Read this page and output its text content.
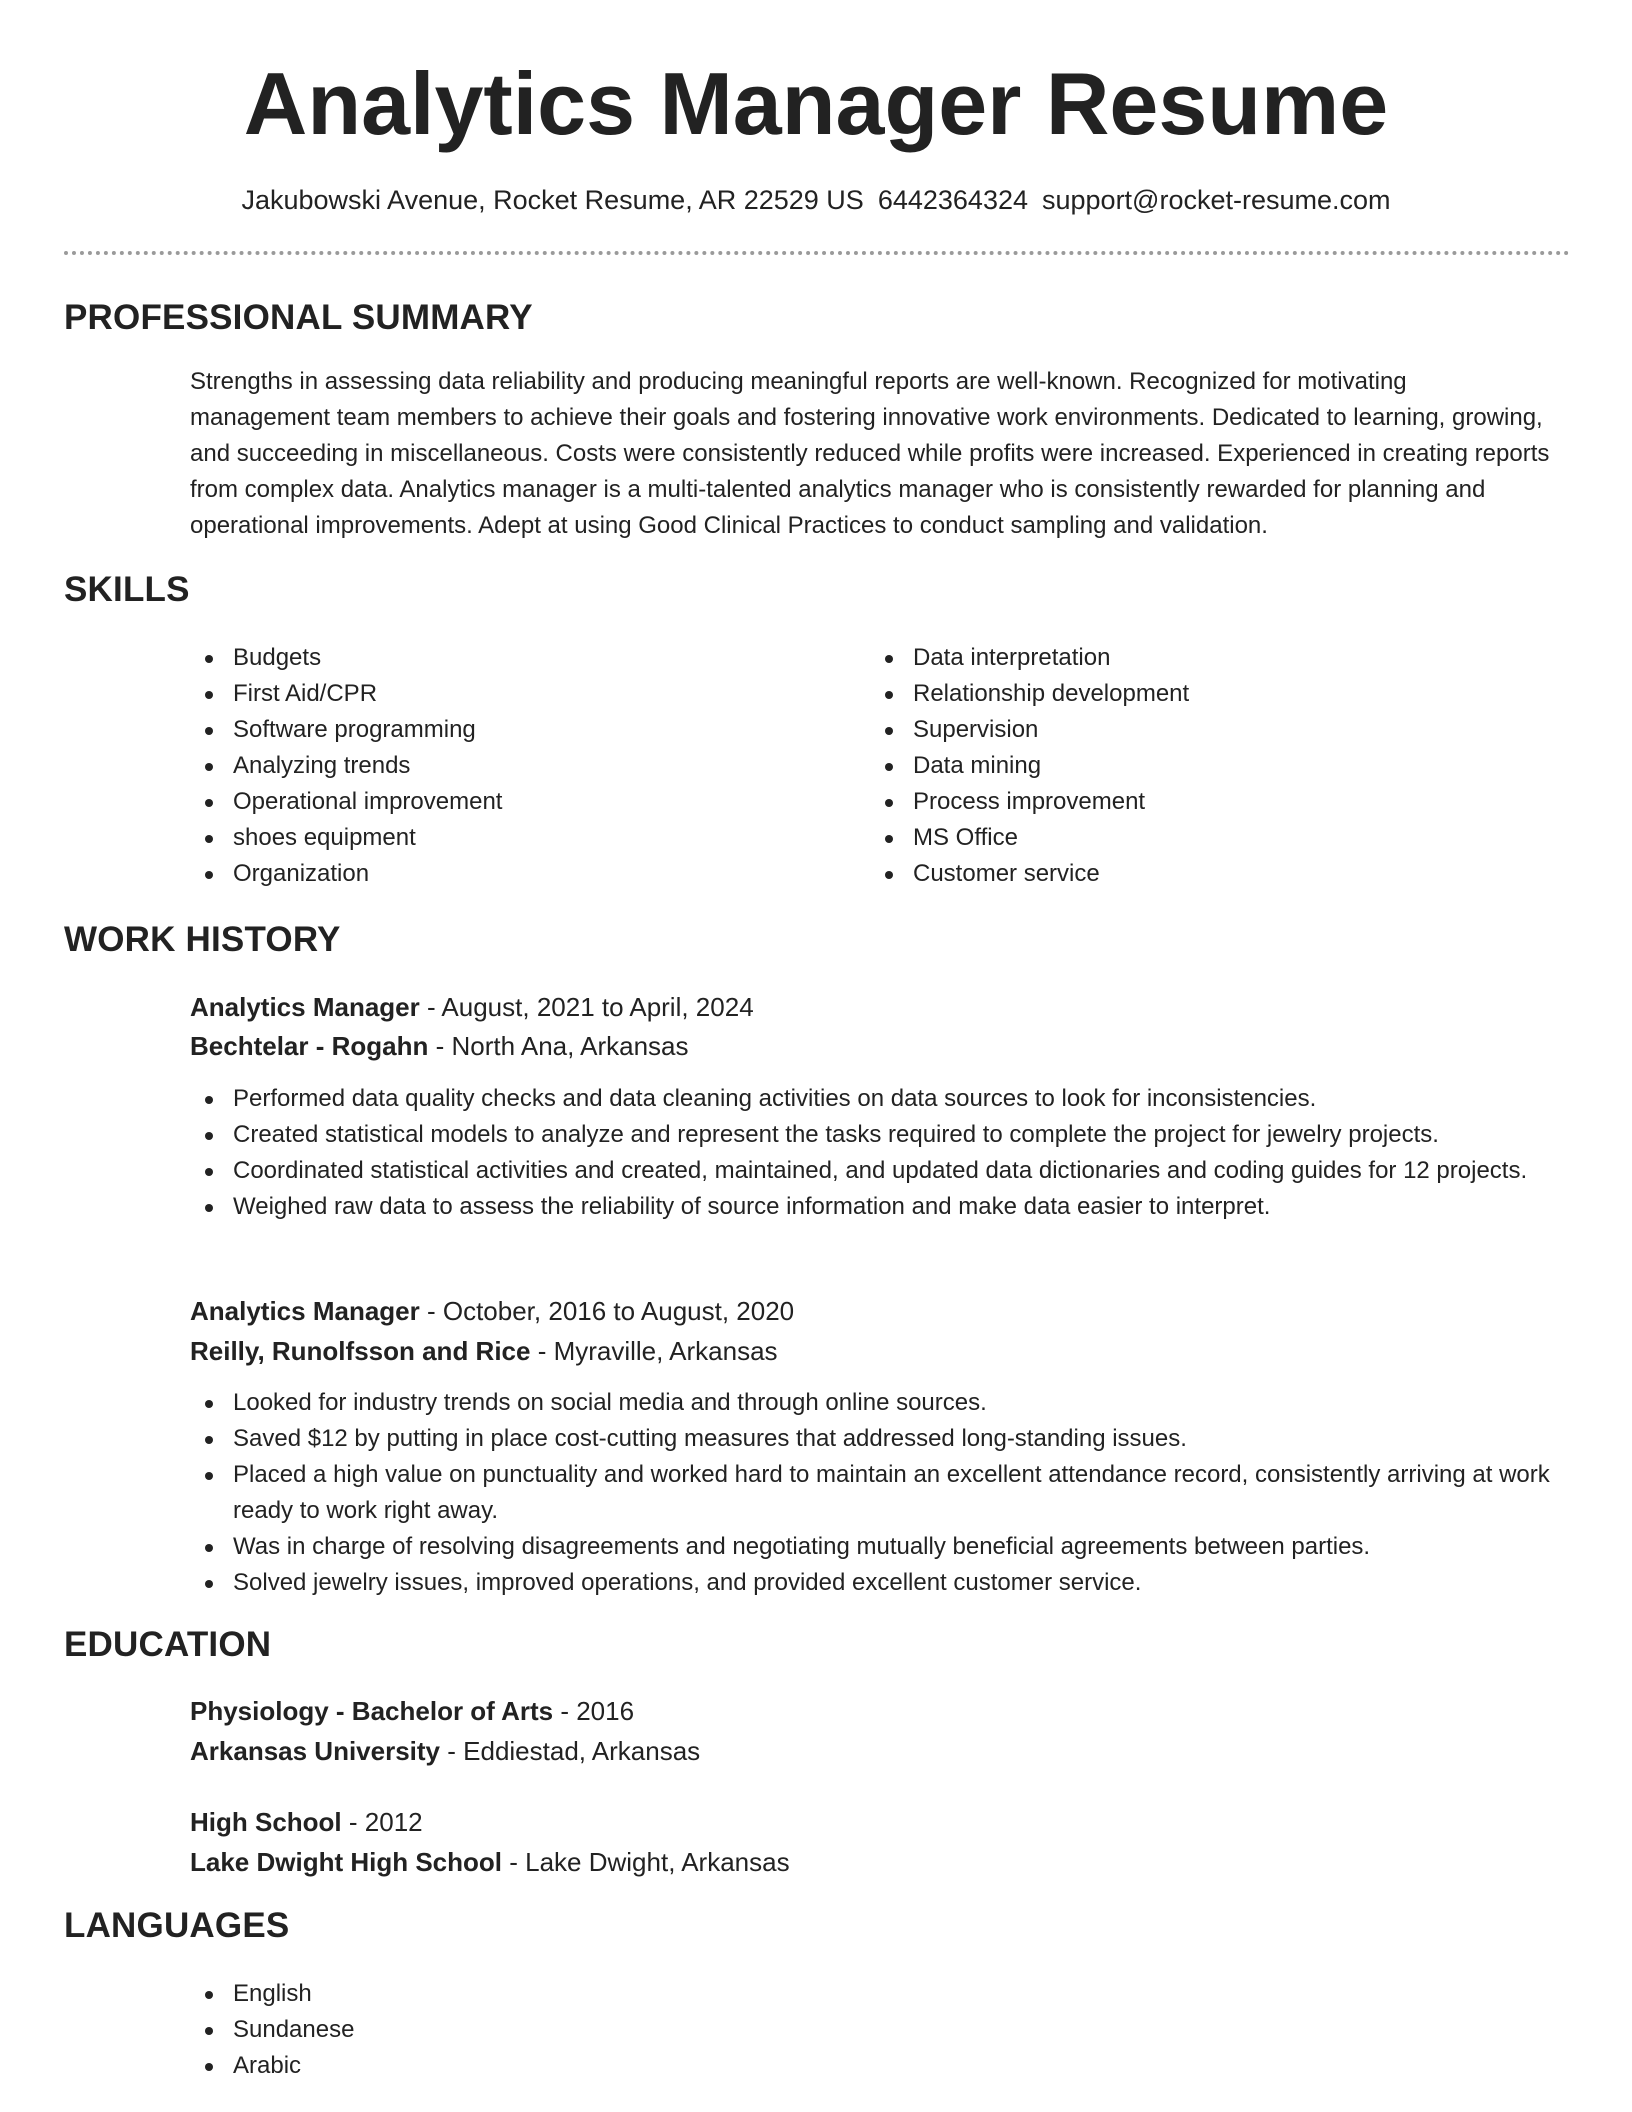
Analytics Manager Resume
Jakubowski Avenue, Rocket Resume, AR 22529 US 6442364324 support@rocket-resume.com
PROFESSIONAL SUMMARY

Strengths in assessing data reliability and producing meaningful reports are well-known. Recognized for motivating management team members to achieve their goals and fostering innovative work environments. Dedicated to learning, growing, and succeeding in miscellaneous. Costs were consistently reduced while profits were increased. Experienced in creating reports from complex data. Analytics manager is a multi-talented analytics manager who is consistently rewarded for planning and operational improvements. Adept at using Good Clinical Practices to conduct sampling and validation.

SKILLS
Budgets
First Aid/CPR
Software programming
Analyzing trends
Operational improvement
shoes equipment
Organization
Data interpretation
Relationship development
Supervision
Data mining
Process improvement
MS Office
Customer service
WORK HISTORY
Analytics Manager - August, 2021 to April, 2024
Bechtelar - Rogahn - North Ana, Arkansas
Performed data quality checks and data cleaning activities on data sources to look for inconsistencies.
Created statistical models to analyze and represent the tasks required to complete the project for jewelry projects.
Coordinated statistical activities and created, maintained, and updated data dictionaries and coding guides for 12 projects.
Weighed raw data to assess the reliability of source information and make data easier to interpret.
Analytics Manager - October, 2016 to August, 2020
Reilly, Runolfsson and Rice - Myraville, Arkansas
Looked for industry trends on social media and through online sources.
Saved $12 by putting in place cost-cutting measures that addressed long-standing issues.
Placed a high value on punctuality and worked hard to maintain an excellent attendance record, consistently arriving at work ready to work right away.
Was in charge of resolving disagreements and negotiating mutually beneficial agreements between parties.
Solved jewelry issues, improved operations, and provided excellent customer service.
EDUCATION
Physiology - Bachelor of Arts - 2016
Arkansas University - Eddiestad, Arkansas
High School - 2012
Lake Dwight High School - Lake Dwight, Arkansas
LANGUAGES
English
Sundanese
Arabic
